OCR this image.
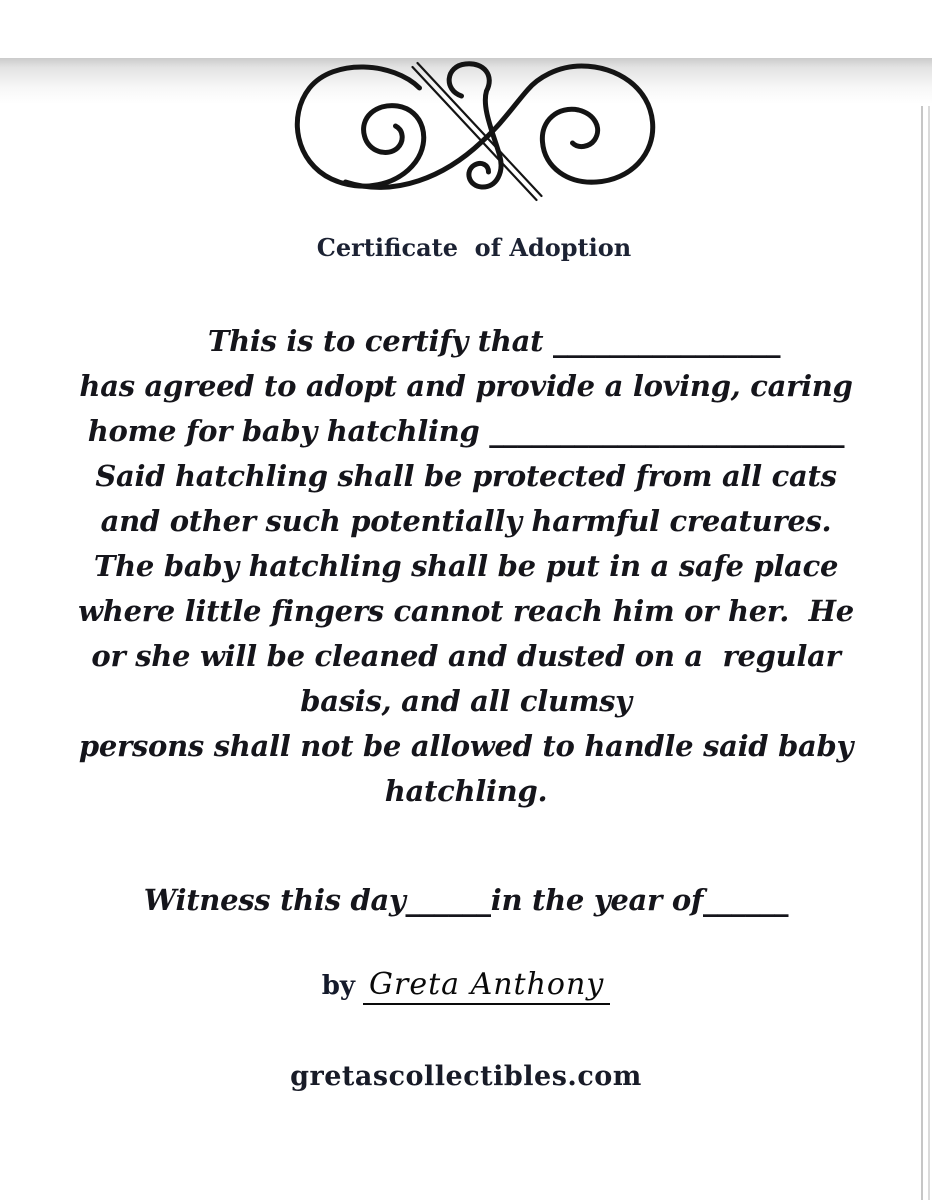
Certificate  of Adoption
This is to certify that ________________
has agreed to adopt and provide a loving, caring
home for baby hatchling _________________________
Said hatchling shall be protected from all cats
and other such potentially harmful creatures.
The baby hatchling shall be put in a safe place
where little fingers cannot reach him or her.  He
or she will be cleaned and dusted on a  regular
basis, and all clumsy
persons shall not be allowed to handle said baby
hatchling.
Witness this day______in the year of______
by Greta Anthony
gretascollectibles.com
